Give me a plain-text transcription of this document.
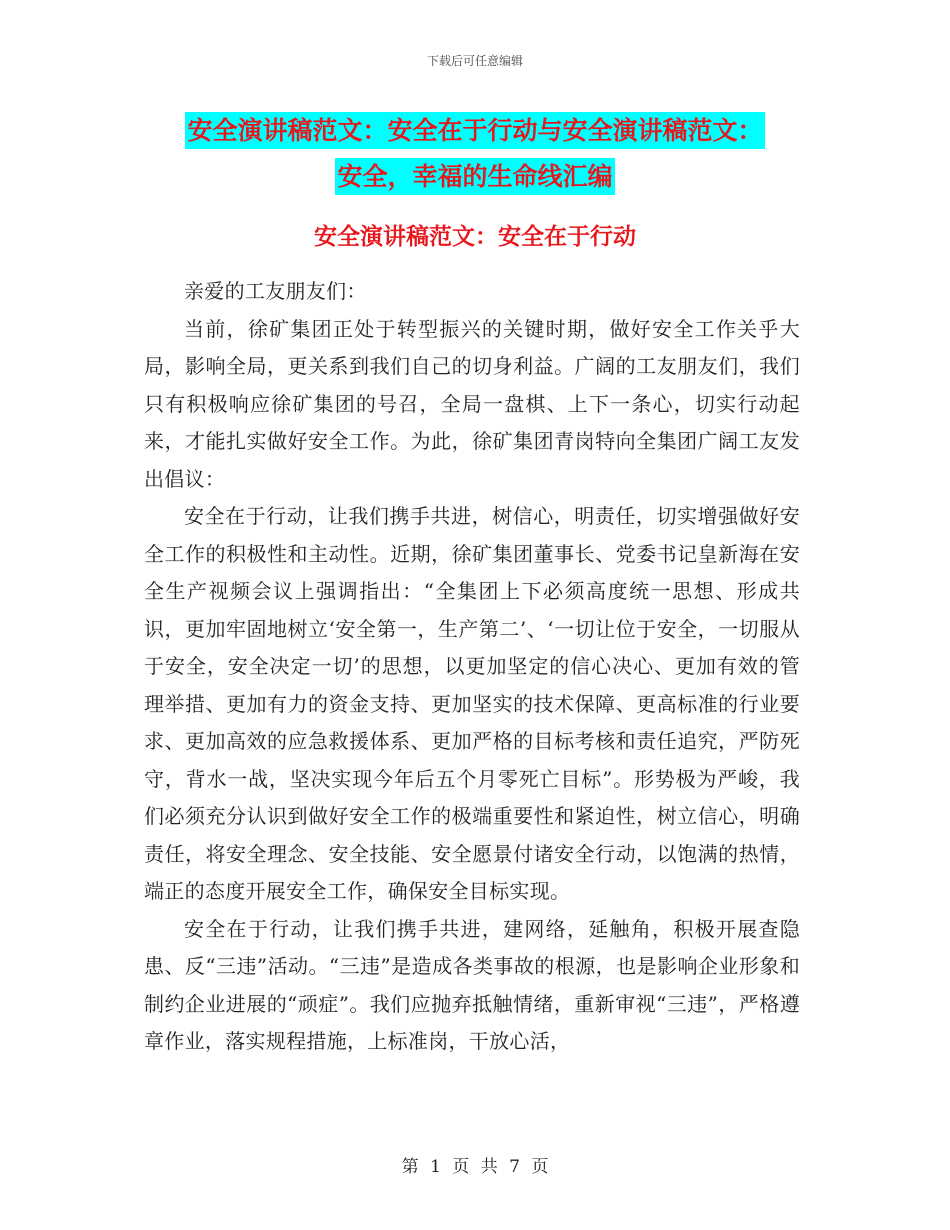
下载后可任意编辑
安全演讲稿范文：安全在于行动与安全演讲稿范文：
安全，幸福的生命线汇编
安全演讲稿范文：安全在于行动

亲爱的工友朋友们：

当前，徐矿集团正处于转型振兴的关键时期，做好安全工作关乎大局，影响全局，更关系到我们自己的切身利益。广阔的工友朋友们，我们只有积极响应徐矿集团的号召，全局一盘棋、上下一条心，切实行动起来，才能扎实做好安全工作。为此，徐矿集团青岗特向全集团广阔工友发出倡议：

安全在于行动，让我们携手共进，树信心，明责任，切实增强做好安全工作的积极性和主动性。近期，徐矿集团董事长、党委书记皇新海在安全生产视频会议上强调指出：“全集团上下必须高度统一思想、形成共识，更加牢固地树立‘安全第一，生产第二’、‘一切让位于安全，一切服从于安全，安全决定一切’的思想，以更加坚定的信心决心、更加有效的管理举措、更加有力的资金支持、更加坚实的技术保障、更高标准的行业要求、更加高效的应急救援体系、更加严格的目标考核和责任追究，严防死守，背水一战，坚决实现今年后五个月零死亡目标”。形势极为严峻，我们必须充分认识到做好安全工作的极端重要性和紧迫性，树立信心，明确责任，将安全理念、安全技能、安全愿景付诸安全行动，以饱满的热情，端正的态度开展安全工作，确保安全目标实现。

安全在于行动，让我们携手共进，建网络，延触角，积极开展查隐患、反“三违”活动。“三违”是造成各类事故的根源，也是影响企业形象和制约企业进展的“顽症”。我们应抛弃抵触情绪，重新审视“三违”，严格遵章作业，落实规程措施，上标准岗，干放心活，

第 1 页 共 7 页
